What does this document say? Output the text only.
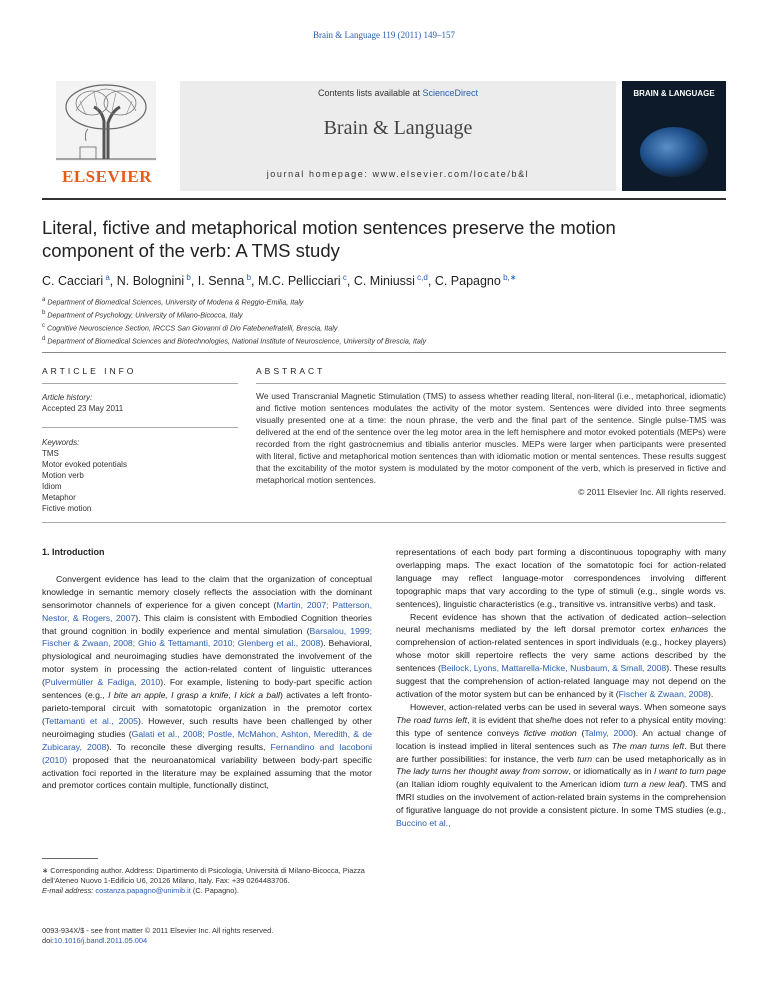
Brain & Language 119 (2011) 149–157
ELSEVIER
Contents lists available at ScienceDirect
Brain & Language
journal homepage: www.elsevier.com/locate/b&l
BRAIN & LANGUAGE
Literal, fictive and metaphorical motion sentences preserve the motion
component of the verb: A TMS study
C. Cacciari $^a$, N. Bolognini $^b$, I. Senna $^b$, M.C. Pellicciari $^c$, C. Miniussi $^{c,d}$, C. Papagno $^{b,∗}$
$^a$ Department of Biomedical Sciences, University of Modena & Reggio-Emilia, Italy
$^b$ Department of Psychology, University of Milano-Bicocca, Italy
$^c$ Cognitive Neuroscience Section, IRCCS San Giovanni di Dio Fatebenefratelli, Brescia, Italy
$^d$ Department of Biomedical Sciences and Biotechnologies, National Institute of Neuroscience, University of Brescia, Italy
ARTICLE INFO	ABSTRACT
Article history:
Accepted 23 May 2011
Keywords:
TMS
Motor evoked potentials
Motion verb
Idiom
Metaphor
Fictive motion
We used Transcranial Magnetic Stimulation (TMS) to assess whether reading literal, non-literal (i.e., metaphorical, idiomatic) and fictive motion sentences modulates the activity of the motor system. Sentences were divided into three segments visually presented one at a time: the noun phrase, the verb and the final part of the sentence. Single pulse-TMS was delivered at the end of the sentence over the leg motor area in the left hemisphere and motor evoked potentials (MEPs) were recorded from the right gastrocnemius and tibialis anterior muscles. MEPs were larger when participants were presented with literal, fictive and metaphorical motion sentences than with idiomatic motion or mental sentences. These results suggest that the excitability of the motor system is modulated by the motor component of the verb, which is preserved in fictive and metaphorical motion sentences.
© 2011 Elsevier Inc. All rights reserved.
1. Introduction

Convergent evidence has lead to the claim that the organization of conceptual knowledge in semantic memory closely reflects the association with the dominant sensorimotor channels of experience for a given concept (Martin, 2007; Patterson, Nestor, & Rogers, 2007). This claim is consistent with Embodied Cognition theories that ground cognition in bodily experience and mental simulation (Barsalou, 1999; Fischer & Zwaan, 2008; Ghio & Tettamanti, 2010; Glenberg et al., 2008). Behavioral, physiological and neuroimaging studies have demonstrated the involvement of the motor system in processing the action-related content of linguistic utterances (Pulvermüller & Fadiga, 2010). For example, listening to body-part specific action sentences (e.g., I bite an apple, I grasp a knife, I kick a ball) activates a left fronto-parieto-temporal circuit with somatotopic organization in the premotor cortex (Tettamanti et al., 2005). However, such results have been challenged by other neuroimaging studies (Galati et al., 2008; Postle, McMahon, Ashton, Meredith, & de Zubicaray, 2008). To reconcile these diverging results, Fernandino and Iacoboni (2010) proposed that the neuroanatomical variability between body-part specific activation foci reported in the literature may be explained assuming that the motor and premotor cortices contain multiple, functionally distinct,

representations of each body part forming a discontinuous topography with many overlapping maps. The exact location of the somatotopic foci for action-related language may reflect language-motor correspondences involving different topographic maps that vary according to the type of stimuli (e.g., single words vs. sentences), linguistic characteristics (e.g., transitive vs. intransitive verbs) and task.

Recent evidence has shown that the activation of dedicated action–selection neural mechanisms mediated by the left dorsal premotor cortex enhances the comprehension of action-related sentences in sport individuals (e.g., hockey players) whose motor skill repertoire reflects the very same actions described by the sentences (Beilock, Lyons, Mattarella-Micke, Nusbaum, & Small, 2008). These results suggest that the comprehension of action-related language may not depend on the activation of the motor system but can be enhanced by it (Fischer & Zwaan, 2008).

However, action-related verbs can be used in several ways. When someone says The road turns left, it is evident that she/he does not refer to a physical entity moving: this type of sentence conveys fictive motion (Talmy, 2000). An actual change of location is instead implied in literal sentences such as The man turns left. But there are further possibilities: for instance, the verb turn can be used metaphorically as in The lady turns her thought away from sorrow, or idiomatically as in I want to turn page (an Italian idiom roughly equivalent to the American idiom turn a new leaf). TMS and fMRI studies on the involvement of action-related brain systems in the comprehension of figurative language do not provide a consistent picture. In some TMS studies (e.g., Buccino et al.,

∗ Corresponding author. Address: Dipartimento di Psicologia, Università di Milano-Bicocca, Piazza dell'Ateneo Nuovo 1-Edificio U6, 20126 Milano, Italy. Fax: +39 0264483706.
E-mail address: costanza.papagno@unimib.it (C. Papagno).
0093-934X/$ - see front matter © 2011 Elsevier Inc. All rights reserved.
doi:10.1016/j.bandl.2011.05.004
